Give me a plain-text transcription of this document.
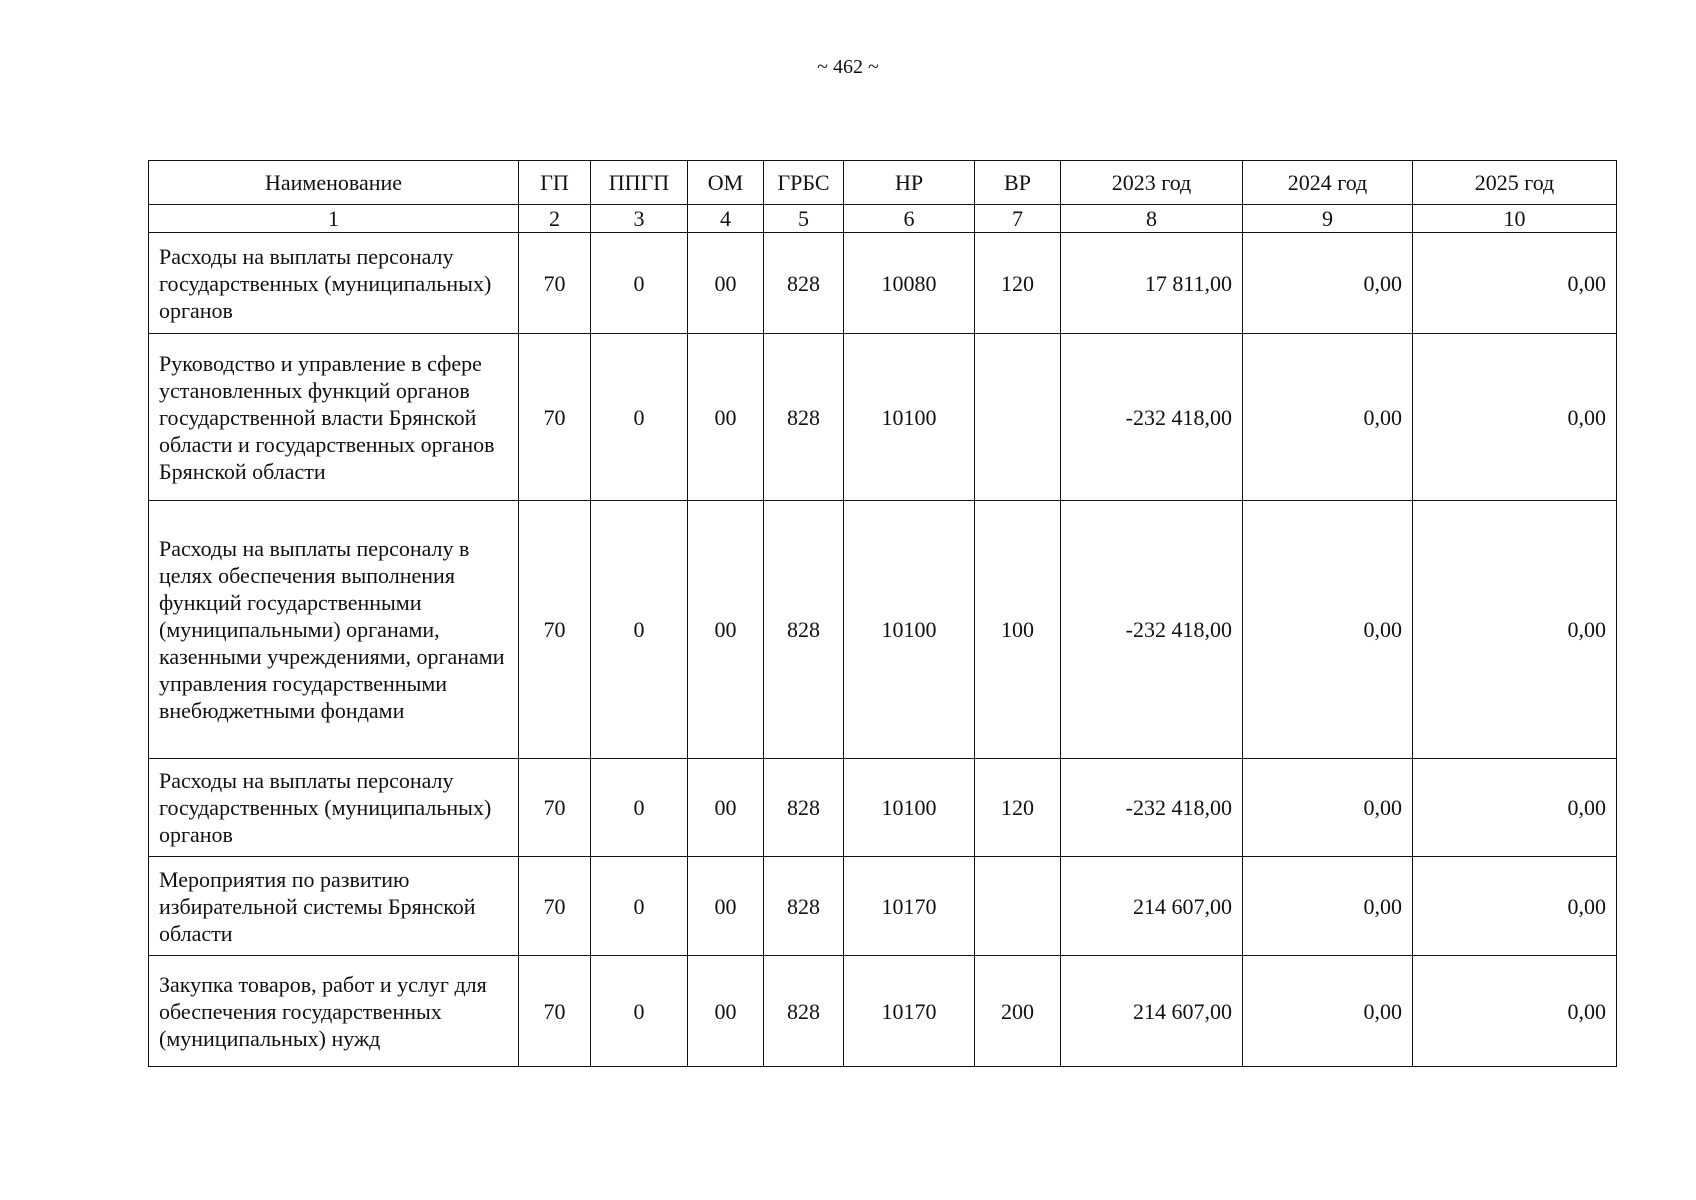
~ 462 ~
Наименование	ГП	ППГП	ОМ	ГРБС	НР	ВР	2023 год	2024 год	2025 год
1	2	3	4	5	6	7	8	9	10
Расходы на выплаты персоналу государственных (муниципальных) органов	70	0	00	828	10080	120	17 811,00	0,00	0,00
Руководство и управление в сфере установленных функций органов государственной власти Брянской области и государственных органов Брянской области	70	0	00	828	10100		-232 418,00	0,00	0,00
Расходы на выплаты персоналу в целях обеспечения выполнения функций государственными (муниципальными) органами, казенными учреждениями, органами управления государственными внебюджетными фондами	70	0	00	828	10100	100	-232 418,00	0,00	0,00
Расходы на выплаты персоналу государственных (муниципальных) органов	70	0	00	828	10100	120	-232 418,00	0,00	0,00
Мероприятия по развитию избирательной системы Брянской области	70	0	00	828	10170		214 607,00	0,00	0,00
Закупка товаров, работ и услуг для обеспечения государственных (муниципальных) нужд	70	0	00	828	10170	200	214 607,00	0,00	0,00
